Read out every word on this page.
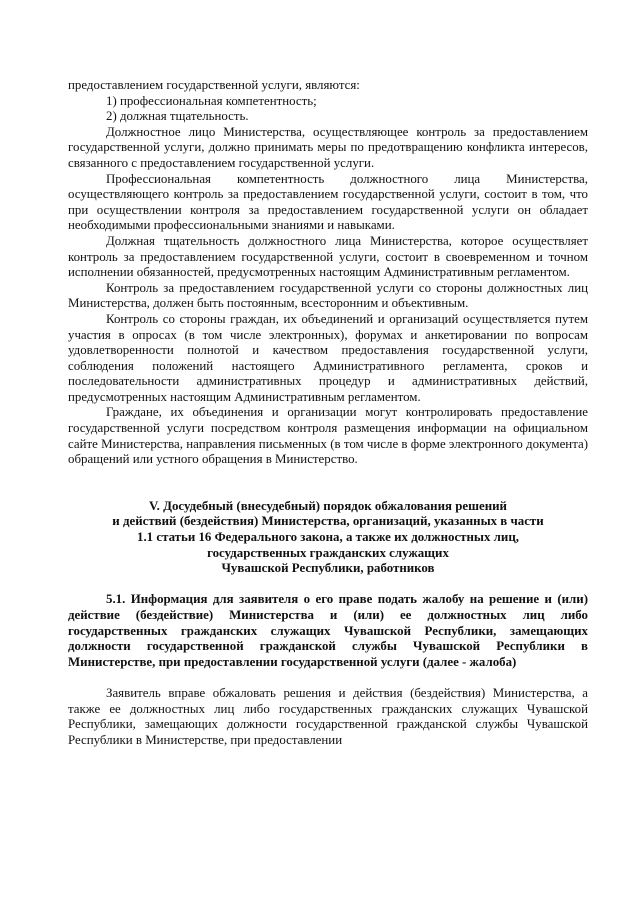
предоставлением государственной услуги, являются:

1) профессиональная компетентность;

2) должная тщательность.

Должностное лицо Министерства, осуществляющее контроль за предоставлением государственной услуги, должно принимать меры по предотвращению конфликта интересов, связанного с предоставлением государственной услуги.

Профессиональная компетентность должностного лица Министерства, осуществляющего контроль за предоставлением государственной услуги, состоит в том, что при осуществлении контроля за предоставлением государственной услуги он обладает необходимыми профессиональными знаниями и навыками.

Должная тщательность должностного лица Министерства, которое осуществляет контроль за предоставлением государственной услуги, состоит в своевременном и точном исполнении обязанностей, предусмотренных настоящим Административным регламентом.

Контроль за предоставлением государственной услуги со стороны должностных лиц Министерства, должен быть постоянным, всесторонним и объективным.

Контроль со стороны граждан, их объединений и организаций осуществляется путем участия в опросах (в том числе электронных), форумах и анкетировании по вопросам удовлетворенности полнотой и качеством предоставления государственной услуги, соблюдения положений настоящего Административного регламента, сроков и последовательности административных процедур и административных действий, предусмотренных настоящим Административным регламентом.

Граждане, их объединения и организации могут контролировать предоставление государственной услуги посредством контроля размещения информации на официальном сайте Министерства, направления письменных (в том числе в форме электронного документа) обращений или устного обращения в Министерство.

V. Досудебный (внесудебный) порядок обжалования решений

и действий (бездействия) Министерства, организаций, указанных в части

1.1 статьи 16 Федерального закона, а также их должностных лиц,

государственных гражданских служащих

Чувашской Республики, работников

5.1. Информация для заявителя о его праве подать жалобу на решение и (или) действие (бездействие) Министерства и (или) ее должностных лиц либо государственных гражданских служащих Чувашской Республики, замещающих должности государственной гражданской службы Чувашской Республики в Министерстве, при предоставлении государственной услуги (далее - жалоба)

Заявитель вправе обжаловать решения и действия (бездействия) Министерства, а также ее должностных лиц либо государственных гражданских служащих Чувашской Республики, замещающих должности государственной гражданской службы Чувашской Республики в Министерстве, при предоставлении
